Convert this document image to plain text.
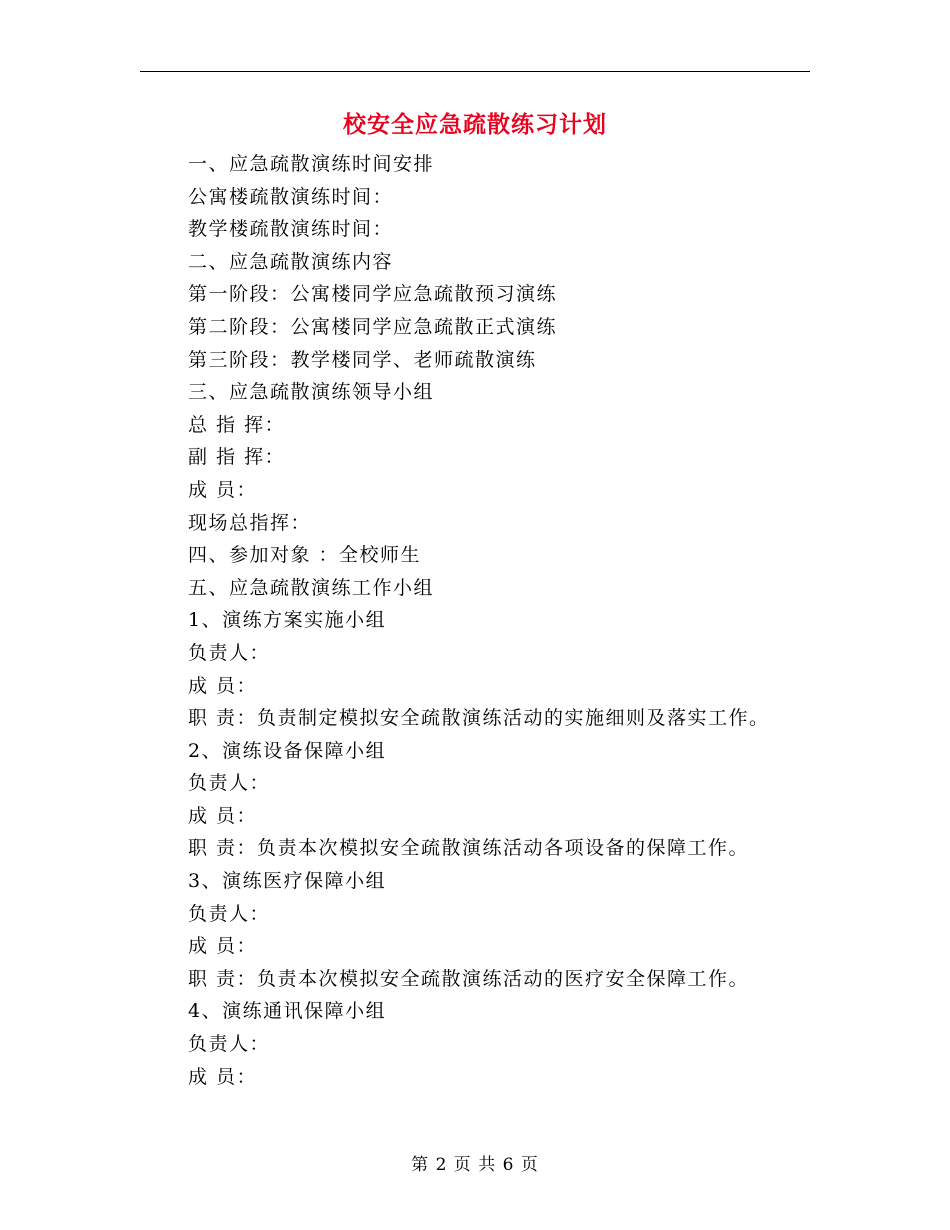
校安全应急疏散练习计划
一、应急疏散演练时间安排
公寓楼疏散演练时间：
教学楼疏散演练时间：
二、应急疏散演练内容
第一阶段：公寓楼同学应急疏散预习演练
第二阶段：公寓楼同学应急疏散正式演练
第三阶段：教学楼同学、老师疏散演练
三、应急疏散演练领导小组
总 指 挥：
副 指 挥：
成 员：
现场总指挥：
四、参加对象 ：全校师生
五、应急疏散演练工作小组
1、演练方案实施小组
负责人：
成 员：
职 责：负责制定模拟安全疏散演练活动的实施细则及落实工作。
2、演练设备保障小组
负责人：
成 员：
职 责：负责本次模拟安全疏散演练活动各项设备的保障工作。
3、演练医疗保障小组
负责人：
成 员：
职 责：负责本次模拟安全疏散演练活动的医疗安全保障工作。
4、演练通讯保障小组
负责人：
成 员：
第 2 页 共 6 页
